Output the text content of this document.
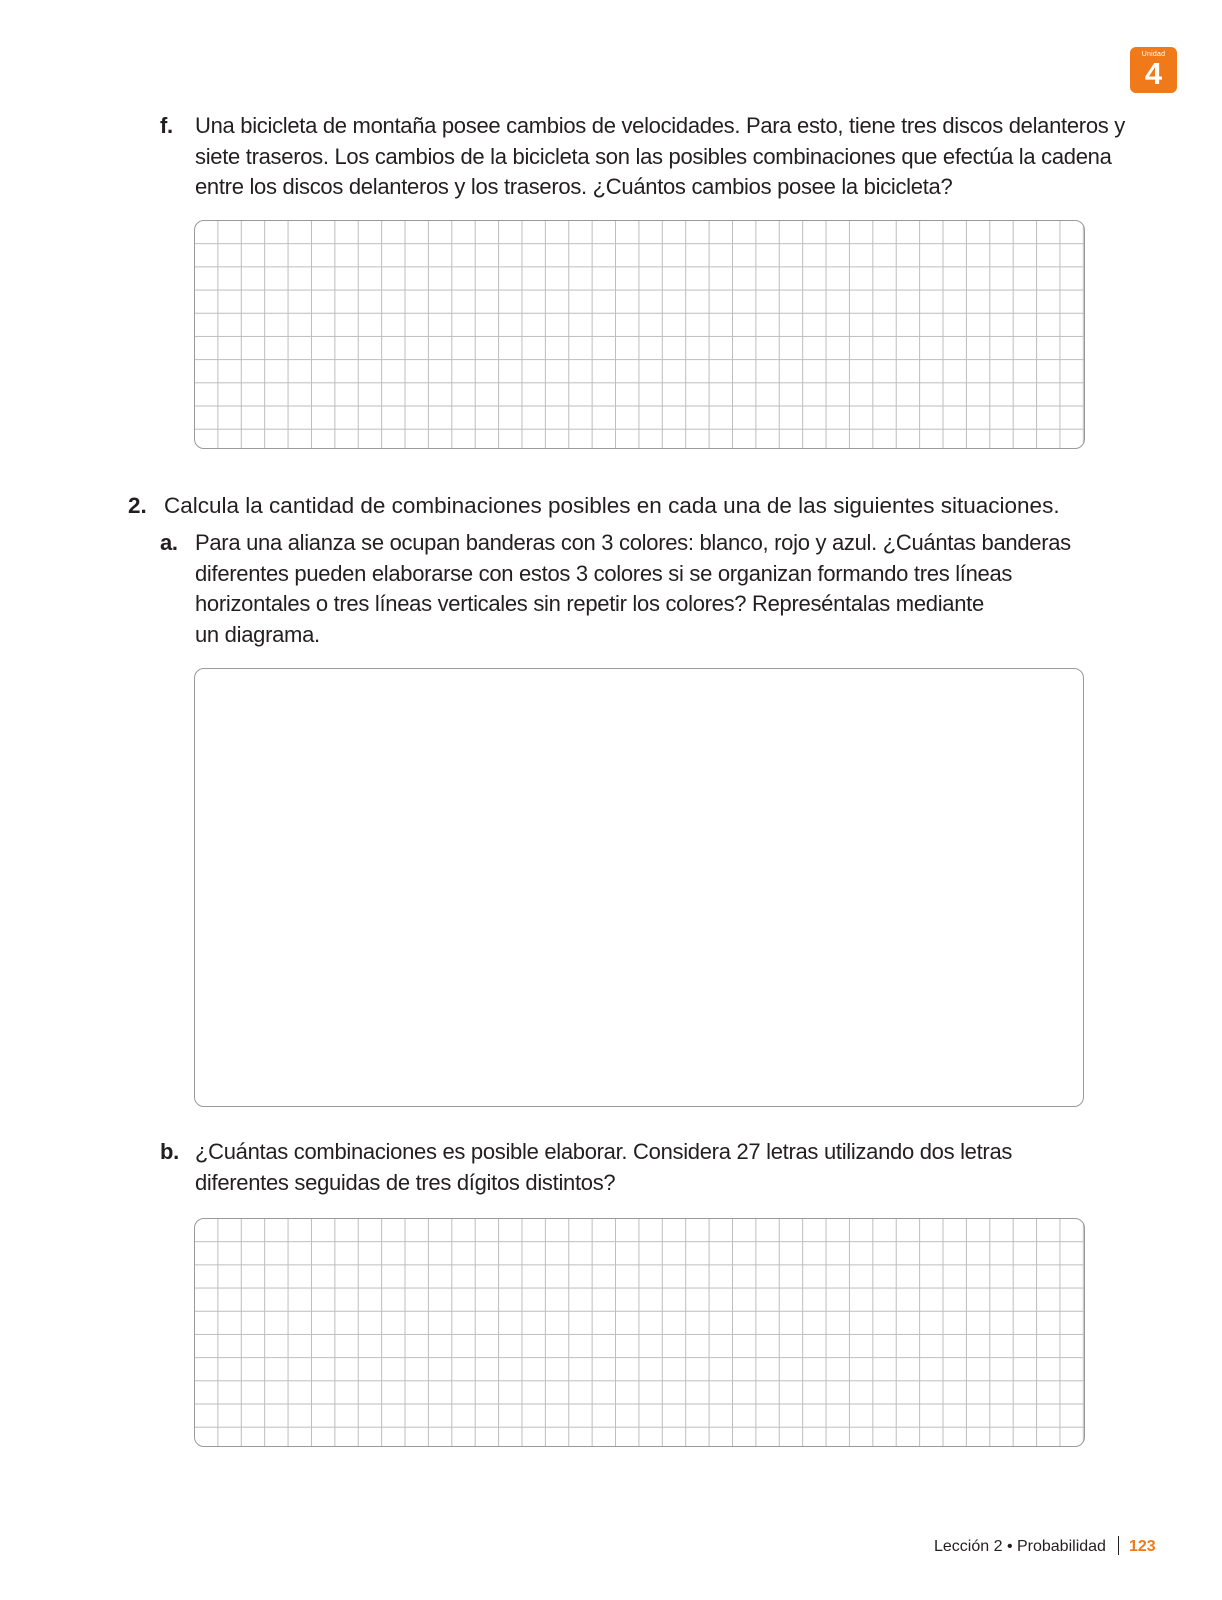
Unidad
4
f. Una bicicleta de montaña posee cambios de velocidades. Para esto, tiene tres discos delanteros y
siete traseros. Los cambios de la bicicleta son las posibles combinaciones que efectúa la cadena
entre los discos delanteros y los traseros. ¿Cuántos cambios posee la bicicleta?
2. Calcula la cantidad de combinaciones posibles en cada una de las siguientes situaciones.
a. Para una alianza se ocupan banderas con 3 colores: blanco, rojo y azul. ¿Cuántas banderas
diferentes pueden elaborarse con estos 3 colores si se organizan formando tres líneas
horizontales o tres líneas verticales sin repetir los colores? Represéntalas mediante
un diagrama.
b. ¿Cuántas combinaciones es posible elaborar. Considera 27 letras utilizando dos letras
diferentes seguidas de tres dígitos distintos?
Lección 2 • Probabilidad 123
